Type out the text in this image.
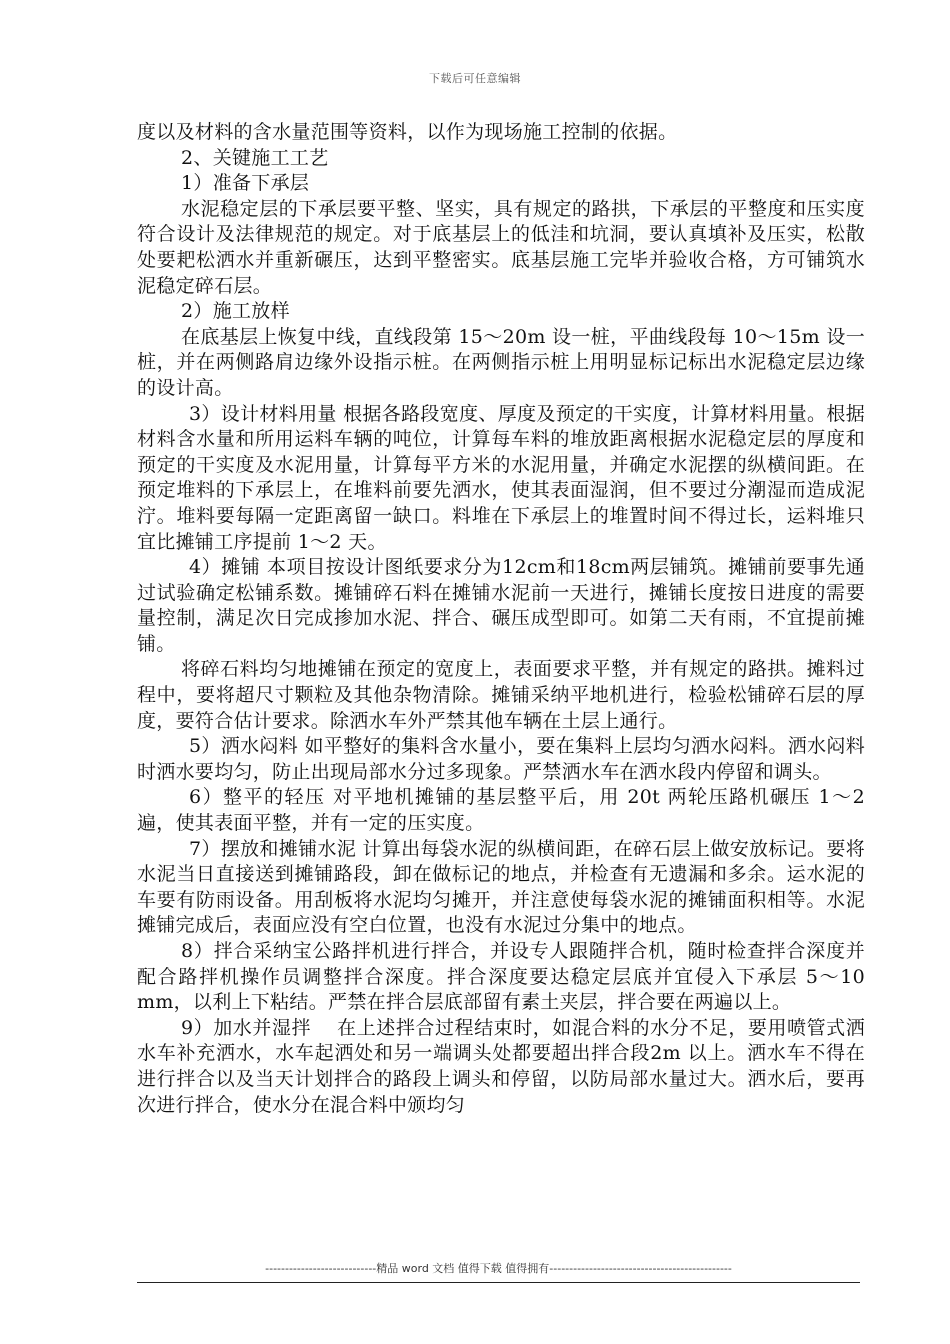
下载后可任意编辑

度以及材料的含水量范围等资料，以作为现场施工控制的依据。

2、关键施工工艺

1）准备下承层

水泥稳定层的下承层要平整、坚实，具有规定的路拱，下承层的平整度和压实度符合设计及法律规范的规定。对于底基层上的低洼和坑洞，要认真填补及压实，松散处要耙松洒水并重新碾压，达到平整密实。底基层施工完毕并验收合格，方可铺筑水泥稳定碎石层。

2）施工放样

在底基层上恢复中线，直线段第 15～20m 设一桩，平曲线段每 10～15m 设一桩，并在两侧路肩边缘外设指示桩。在两侧指示桩上用明显标记标出水泥稳定层边缘的设计高。

3）设计材料用量 根据各路段宽度、厚度及预定的干实度，计算材料用量。根据材料含水量和所用运料车辆的吨位，计算每车料的堆放距离根据水泥稳定层的厚度和预定的干实度及水泥用量，计算每平方米的水泥用量，并确定水泥摆的纵横间距。在预定堆料的下承层上，在堆料前要先洒水，使其表面湿润，但不要过分潮湿而造成泥泞。堆料要每隔一定距离留一缺口。料堆在下承层上的堆置时间不得过长，运料堆只宜比摊铺工序提前 1～2 天。

4）摊铺 本项目按设计图纸要求分为12cm和18cm两层铺筑。摊铺前要事先通过试验确定松铺系数。摊铺碎石料在摊铺水泥前一天进行，摊铺长度按日进度的需要量控制，满足次日完成掺加水泥、拌合、碾压成型即可。如第二天有雨，不宜提前摊铺。

将碎石料均匀地摊铺在预定的宽度上，表面要求平整，并有规定的路拱。摊料过程中，要将超尺寸颗粒及其他杂物清除。摊铺采纳平地机进行，检验松铺碎石层的厚度，要符合估计要求。除洒水车外严禁其他车辆在土层上通行。

5）洒水闷料 如平整好的集料含水量小，要在集料上层均匀洒水闷料。洒水闷料时洒水要均匀，防止出现局部水分过多现象。严禁洒水车在洒水段内停留和调头。

6）整平的轻压 对平地机摊铺的基层整平后，用 20t 两轮压路机碾压 1～2 遍，使其表面平整，并有一定的压实度。

7）摆放和摊铺水泥 计算出每袋水泥的纵横间距，在碎石层上做安放标记。要将水泥当日直接送到摊铺路段，卸在做标记的地点，并检查有无遗漏和多余。运水泥的车要有防雨设备。用刮板将水泥均匀摊开，并注意使每袋水泥的摊铺面积相等。水泥摊铺完成后，表面应没有空白位置，也没有水泥过分集中的地点。

8）拌合采纳宝公路拌机进行拌合，并设专人跟随拌合机，随时检查拌合深度并配合路拌机操作员调整拌合深度。拌合深度要达稳定层底并宜侵入下承层 5～10 mm，以利上下粘结。严禁在拌合层底部留有素土夹层，拌合要在两遍以上。

9）加水并湿拌　 在上述拌合过程结束时，如混合料的水分不足，要用喷管式洒水车补充洒水，水车起洒处和另一端调头处都要超出拌合段2m 以上。洒水车不得在进行拌合以及当天计划拌合的路段上调头和停留，以防局部水量过大。洒水后，要再次进行拌合，使水分在混合料中颁均匀

----------------------------精品 word 文档 值得下载 值得拥有----------------------------------------------
